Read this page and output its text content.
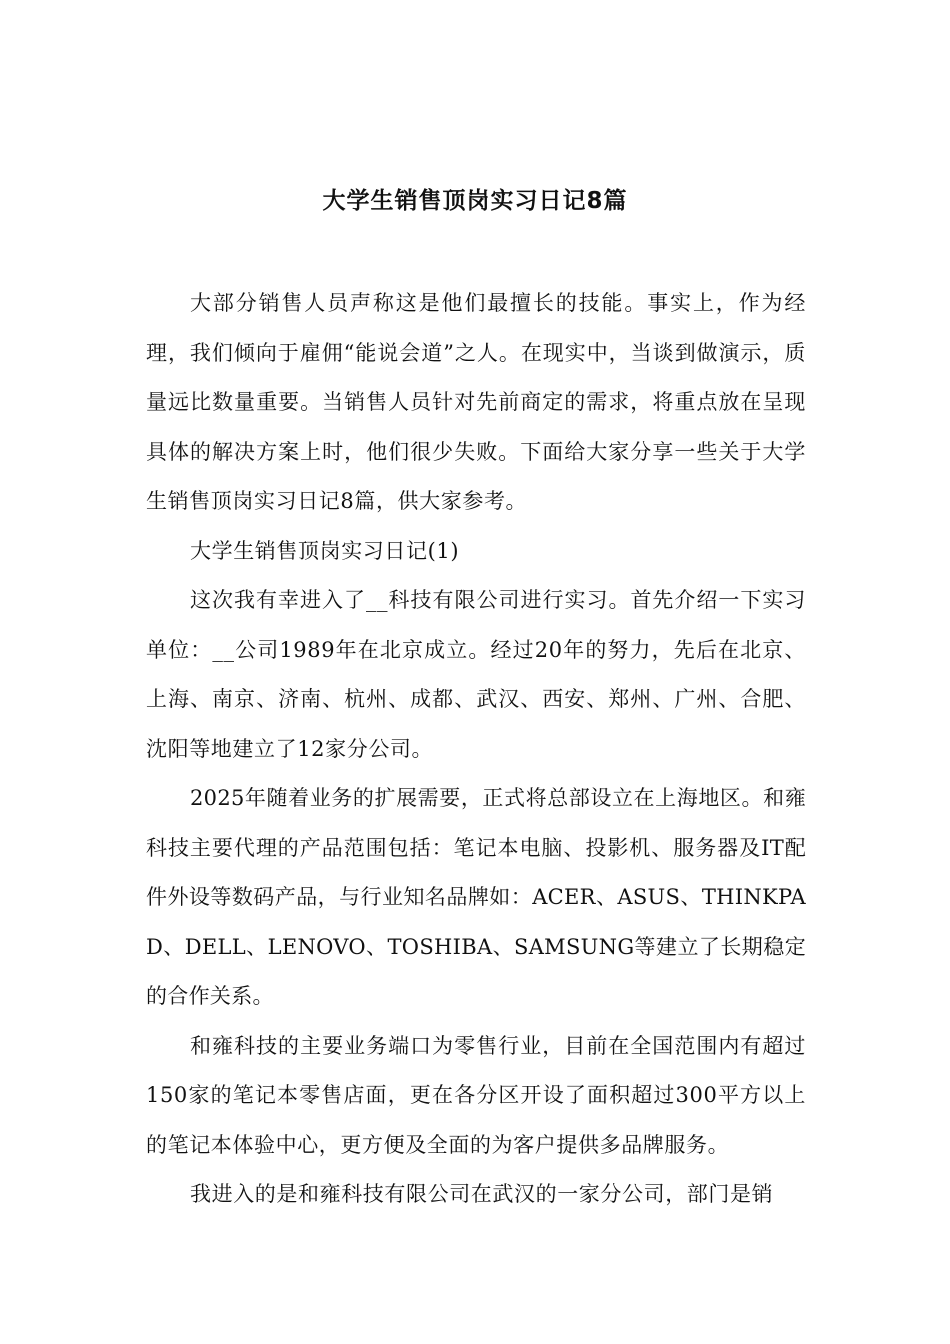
大学生销售顶岗实习日记8篇

大部分销售人员声称这是他们最擅长的技能。事实上，作为经理，我们倾向于雇佣“能说会道”之人。在现实中，当谈到做演示，质量远比数量重要。当销售人员针对先前商定的需求，将重点放在呈现具体的解决方案上时，他们很少失败。下面给大家分享一些关于大学生销售顶岗实习日记8篇，供大家参考。

大学生销售顶岗实习日记(1)

这次我有幸进入了__科技有限公司进行实习。首先介绍一下实习单位：__公司1989年在北京成立。经过20年的努力，先后在北京、上海、南京、济南、杭州、成都、武汉、西安、郑州、广州、合肥、沈阳等地建立了12家分公司。

2025年随着业务的扩展需要，正式将总部设立在上海地区。和雍科技主要代理的产品范围包括：笔记本电脑、投影机、服务器及IT配件外设等数码产品，与行业知名品牌如：ACER、ASUS、THINKPAD、DELL、LENOVO、TOSHIBA、SAMSUNG等建立了长期稳定的合作关系。

和雍科技的主要业务端口为零售行业，目前在全国范围内有超过150家的笔记本零售店面，更在各分区开设了面积超过300平方以上的笔记本体验中心，更方便及全面的为客户提供多品牌服务。

我进入的是和雍科技有限公司在武汉的一家分公司，部门是销
